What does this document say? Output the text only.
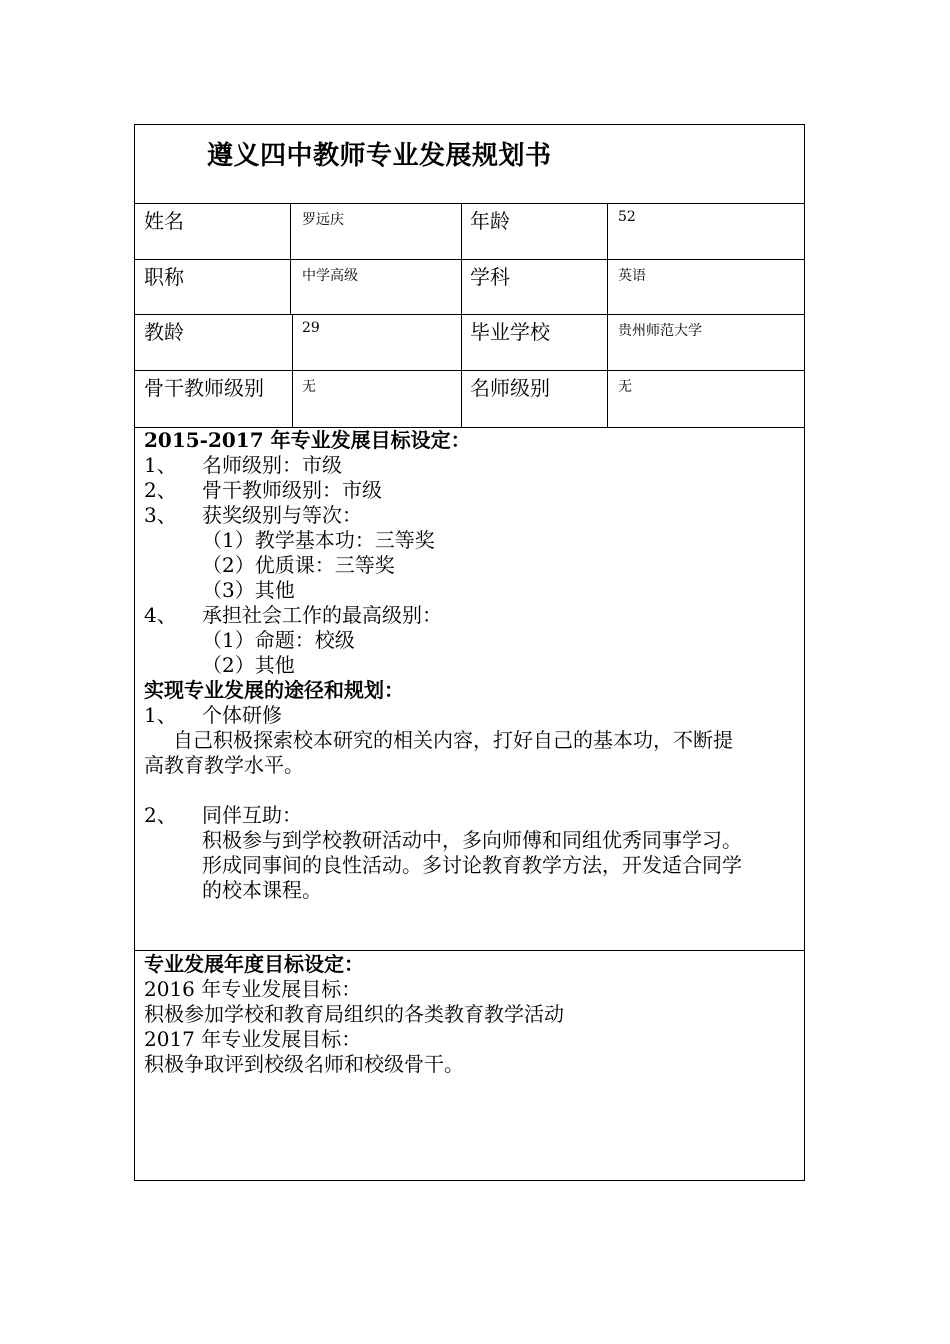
遵义四中教师专业发展规划书
姓名	罗远庆	年龄	52
职称	中学高级	学科	英语
教龄	29	毕业学校	贵州师范大学
骨干教师级别	无	名师级别	无
2015-2017 年专业发展目标设定：
1、 名师级别：市级
2、 骨干教师级别：市级
3、 获奖级别与等次：
（1）教学基本功：三等奖
（2）优质课：三等奖
（3）其他
4、 承担社会工作的最高级别：
（1）命题：校级
（2）其他
实现专业发展的途径和规划：
1、 个体研修
自己积极探索校本研究的相关内容，打好自己的基本功，不断提
高教育教学水平。
2、 同伴互助：
积极参与到学校教研活动中，多向师傅和同组优秀同事学习。
形成同事间的良性活动。多讨论教育教学方法，开发适合同学
的校本课程。
专业发展年度目标设定：
2016 年专业发展目标：
积极参加学校和教育局组织的各类教育教学活动
2017 年专业发展目标：
积极争取评到校级名师和校级骨干。
